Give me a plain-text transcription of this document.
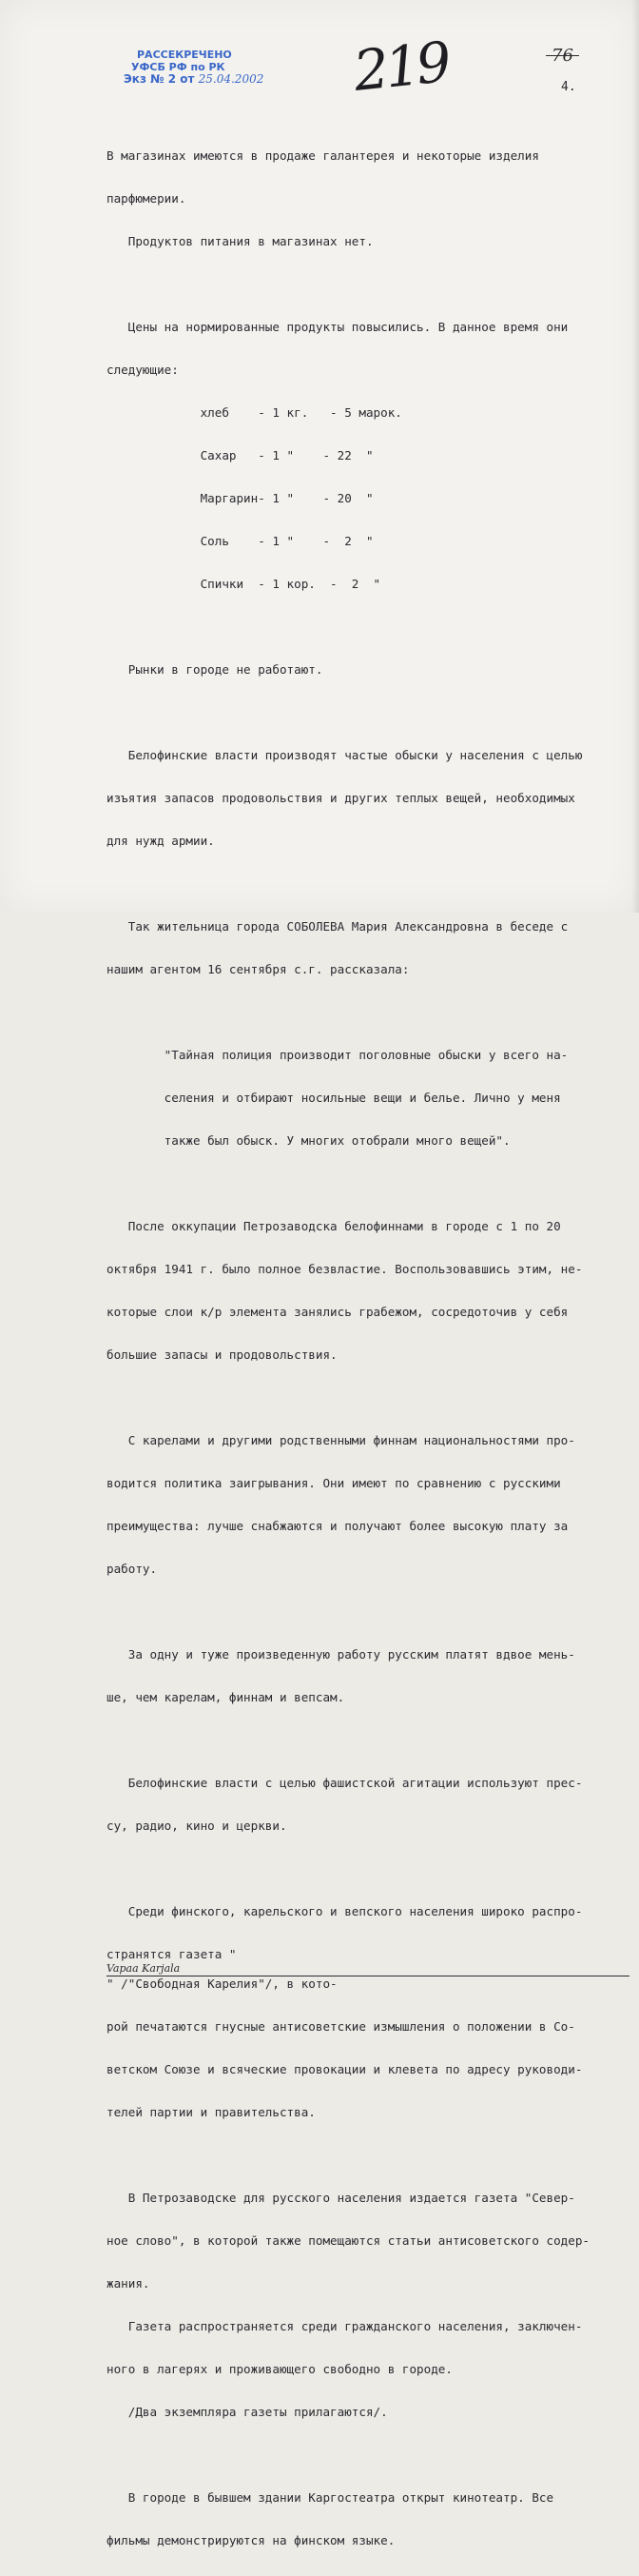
РАССЕКРЕЧЕНО
УФСБ РФ по РК
Экз № 2 от 25.04.2002 219	76
4.

В магазинах имеются в продаже галантерея и некоторые изделия

парфюмерии.

Продуктов питания в магазинах нет.

Цены на нормированные продукты повысились. В данное время они

следующие:

хлеб    - 1 кг.   - 5 марок.

Сахар   - 1 "    - 22  "

Маргарин- 1 "    - 20  "

Соль    - 1 "    -  2  "

Спички  - 1 кор.  -  2  "

Рынки в городе не работают.

Белофинские власти производят частые обыски у населения с целью

изъятия запасов продовольствия и других теплых вещей, необходимых

для нужд армии.

Так жительница города СОБОЛЕВА Мария Александровна в беседе с

нашим агентом 16 сентября с.г. рассказала:

"Тайная полиция производит поголовные обыски у всего на-

селения и отбирают носильные вещи и белье. Лично у меня

также был обыск. У многих отобрали много вещей".

После оккупации Петрозаводска белофиннами в городе с 1 по 20

октября 1941 г. было полное безвластие. Воспользовавшись этим, не-

которые слои к/р элемента занялись грабежом, сосредоточив у себя

большие запасы и продовольствия.

С карелами и другими родственными финнам национальностями про-

водится политика заигрывания. Они имеют по сравнению с русскими

преимущества: лучше снабжаются и получают более высокую плату за

работу.

За одну и туже произведенную работу русским платят вдвое мень-

ше, чем карелам, финнам и вепсам.

Белофинские власти с целью фашистской агитации используют прес-

су, радио, кино и церкви.

Среди финского, карельского и вепского населения широко распро-

странятся газета "
Vapaa Karjala
" /"Свободная Карелия"/, в кото-

рой печатаются гнусные антисоветские измышления о положении в Со-

ветском Союзе и всяческие провокации и клевета по адресу руководи-

телей партии и правительства.

В Петрозаводске для русского населения издается газета "Север-

ное слово", в которой также помещаются статьи антисоветского содер-

жания.

Газета распространяется среди гражданского населения, заключен-

ного в лагерях и проживающего свободно в городе.

/Два экземпляра газеты прилагаются/.

В городе в бывшем здании Каргостеатра открыт кинотеатр. Все

фильмы демонстрируются на финском языке.
